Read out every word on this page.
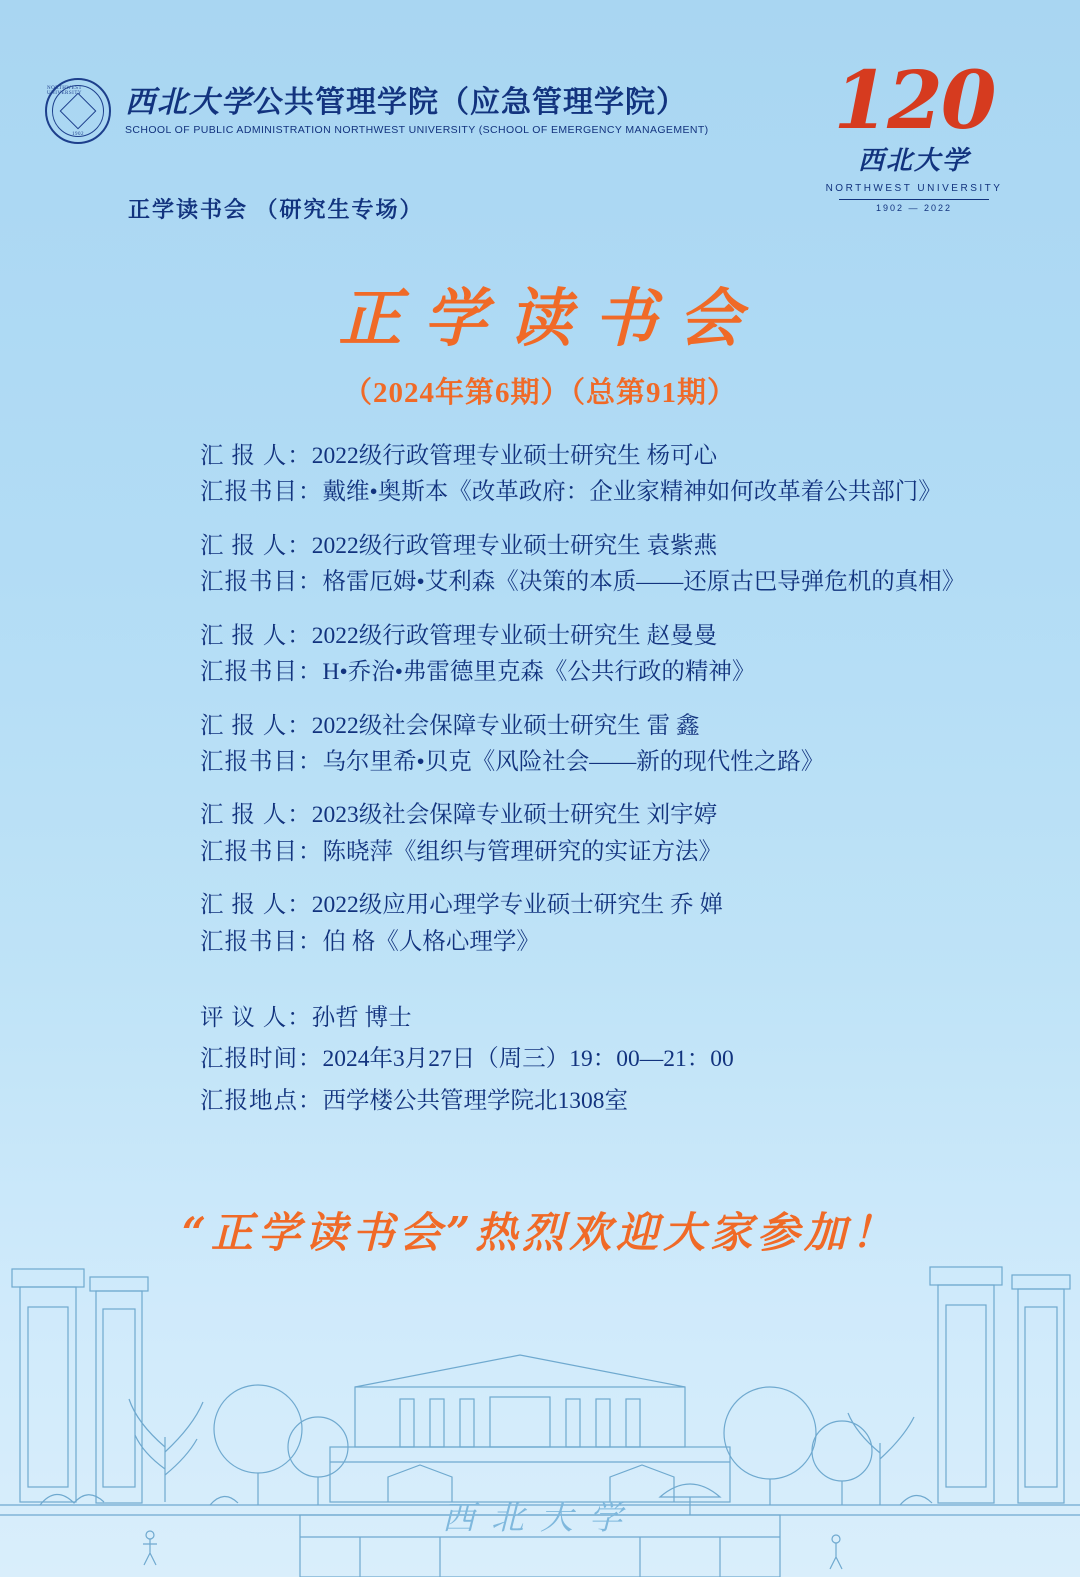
NORTHWEST UNIVERSITY
1902
西北大学公共管理学院（应急管理学院）
SCHOOL OF PUBLIC ADMINISTRATION NORTHWEST UNIVERSITY (SCHOOL OF EMERGENCY MANAGEMENT) 120
西北大学
NORTHWEST UNIVERSITY
1902 — 2022
正学读书会 （研究生专场）
正学读书会
（2024年第6期）（总第91期）
汇 报 人：2022级行政管理专业硕士研究生 杨可心
汇报书目：戴维•奥斯本《改革政府：企业家精神如何改革着公共部门》
汇 报 人：2022级行政管理专业硕士研究生 袁紫燕
汇报书目：格雷厄姆•艾利森《决策的本质——还原古巴导弹危机的真相》
汇 报 人：2022级行政管理专业硕士研究生 赵曼曼
汇报书目：H•乔治•弗雷德里克森《公共行政的精神》
汇 报 人：2022级社会保障专业硕士研究生 雷 鑫
汇报书目：乌尔里希•贝克《风险社会——新的现代性之路》
汇 报 人：2023级社会保障专业硕士研究生 刘宇婷
汇报书目：陈晓萍《组织与管理研究的实证方法》
汇 报 人：2022级应用心理学专业硕士研究生 乔 婵
汇报书目：伯 格《人格心理学》
评 议 人：孙哲 博士
汇报时间：2024年3月27日（周三）19：00—21：00
汇报地点：西学楼公共管理学院北1308室
“正学读书会”热烈欢迎大家参加！
西北大学
